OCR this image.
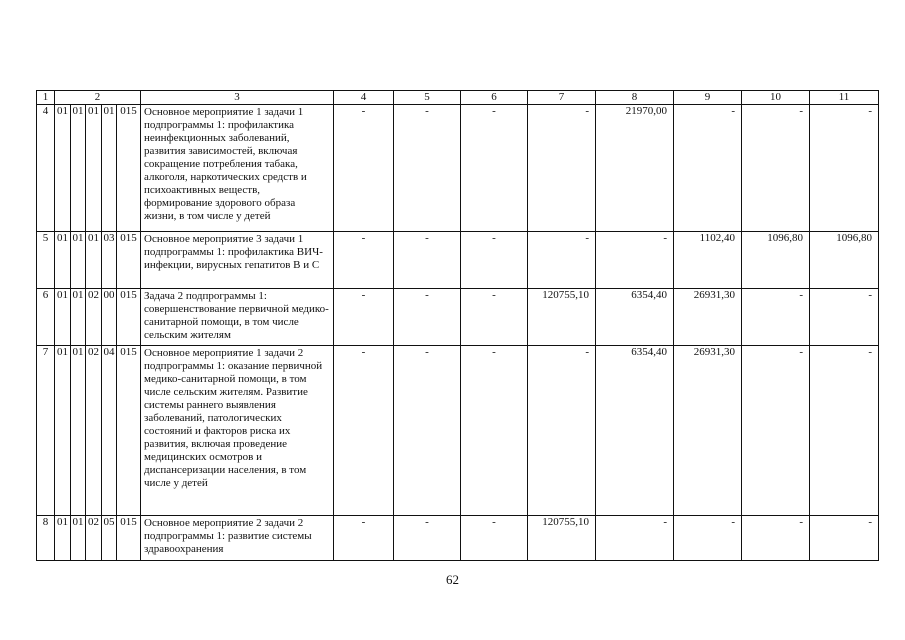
1	2					3	4	5	6	7	8	9	10	11
4	01	01	01	01	015	Основное мероприятие 1 задачи 1 подпрограммы 1: профилактика неинфекционных заболеваний, развития зависимостей, включая сокращение потребления табака, алкоголя, наркотических средств и психоактивных веществ, формирование здорового образа жизни, в том числе у детей	-	-	-	-	21970,00	-	-	-
5	01	01	01	03	015	Основное мероприятие 3 задачи 1 подпрограммы 1: профилактика ВИЧ-инфекции, вирусных гепатитов В и С	-	-	-	-	-	1102,40	1096,80	1096,80
6	01	01	02	00	015	Задача 2 подпрограммы 1: совершенствование первичной медико-санитарной помощи, в том числе сельским жителям	-	-	-	120755,10	6354,40	26931,30	-	-
7	01	01	02	04	015	Основное мероприятие 1 задачи 2 подпрограммы 1: оказание первичной медико-санитарной помощи, в том числе сельским жителям. Развитие системы раннего выявления заболеваний, патологических состояний и факторов риска их развития, включая проведение медицинских осмотров и диспансеризации населения, в том числе у детей	-	-	-	-	6354,40	26931,30	-	-
8	01	01	02	05	015	Основное мероприятие 2 задачи 2 подпрограммы 1: развитие системы здравоохранения	-	-	-	120755,10	-	-	-	-
62
